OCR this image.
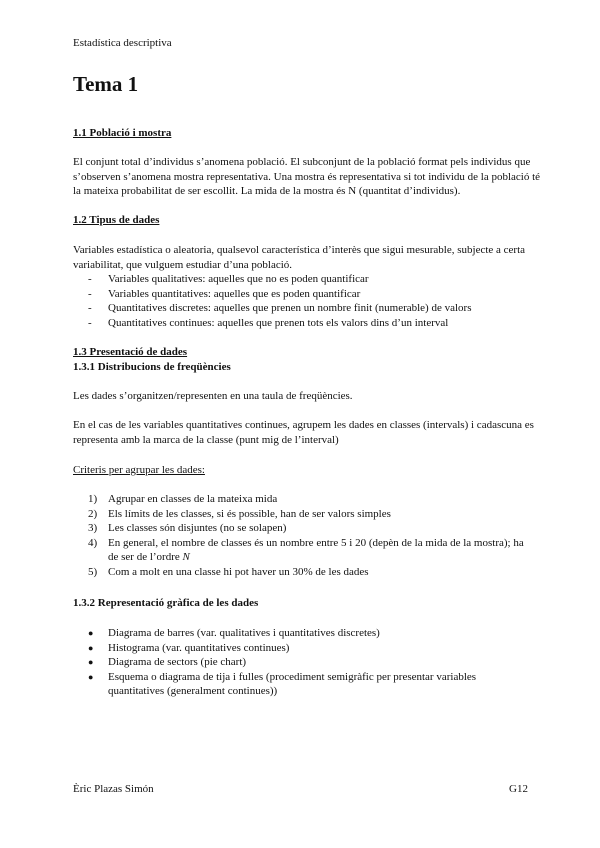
Estadística descriptiva
Tema 1
1.1 Població i mostra
El conjunt total d’individus s’anomena població. El subconjunt de la població format pels individus que s’observen s’anomena mostra representativa. Una mostra és representativa si tot individu de la població té la mateixa probabilitat de ser escollit. La mida de la mostra és N (quantitat d’individus).
1.2 Tipus de dades
Variables estadística o aleatoria, qualsevol característica d’interès que sigui mesurable, subjecte a certa variabilitat, que vulguem estudiar d’una població.
- Variables qualitatives: aquelles que no es poden quantificar
- Variables quantitatives: aquelles que es poden quantificar
- Quantitatives discretes: aquelles que prenen un nombre finit (numerable) de valors
- Quantitatives continues: aquelles que prenen tots els valors dins d’un interval
1.3 Presentació de dades
1.3.1 Distribucions de freqüències
Les dades s’organitzen/representen en una taula de freqüències.
En el cas de les variables quantitatives continues, agrupem les dades en classes (intervals) i cadascuna es representa amb la marca de la classe (punt mig de l’interval)
Criteris per agrupar les dades:
1) Agrupar en classes de la mateixa mida
2) Els límits de les classes, si és possible, han de ser valors simples
3) Les classes són disjuntes (no se solapen)
4) En general, el nombre de classes és un nombre entre 5 i 20 (depèn de la mida de la mostra); ha de ser de l’ordre N
5) Com a molt en una classe hi pot haver un 30% de les dades
1.3.2 Representació gràfica de les dades
● Diagrama de barres (var. qualitatives i quantitatives discretes)
● Histograma (var. quantitatives continues)
● Diagrama de sectors (pie chart)
● Esquema o diagrama de tija i fulles (procediment semigràfic per presentar variables quantitatives (generalment continues))
Èric Plazas Simón	G12
